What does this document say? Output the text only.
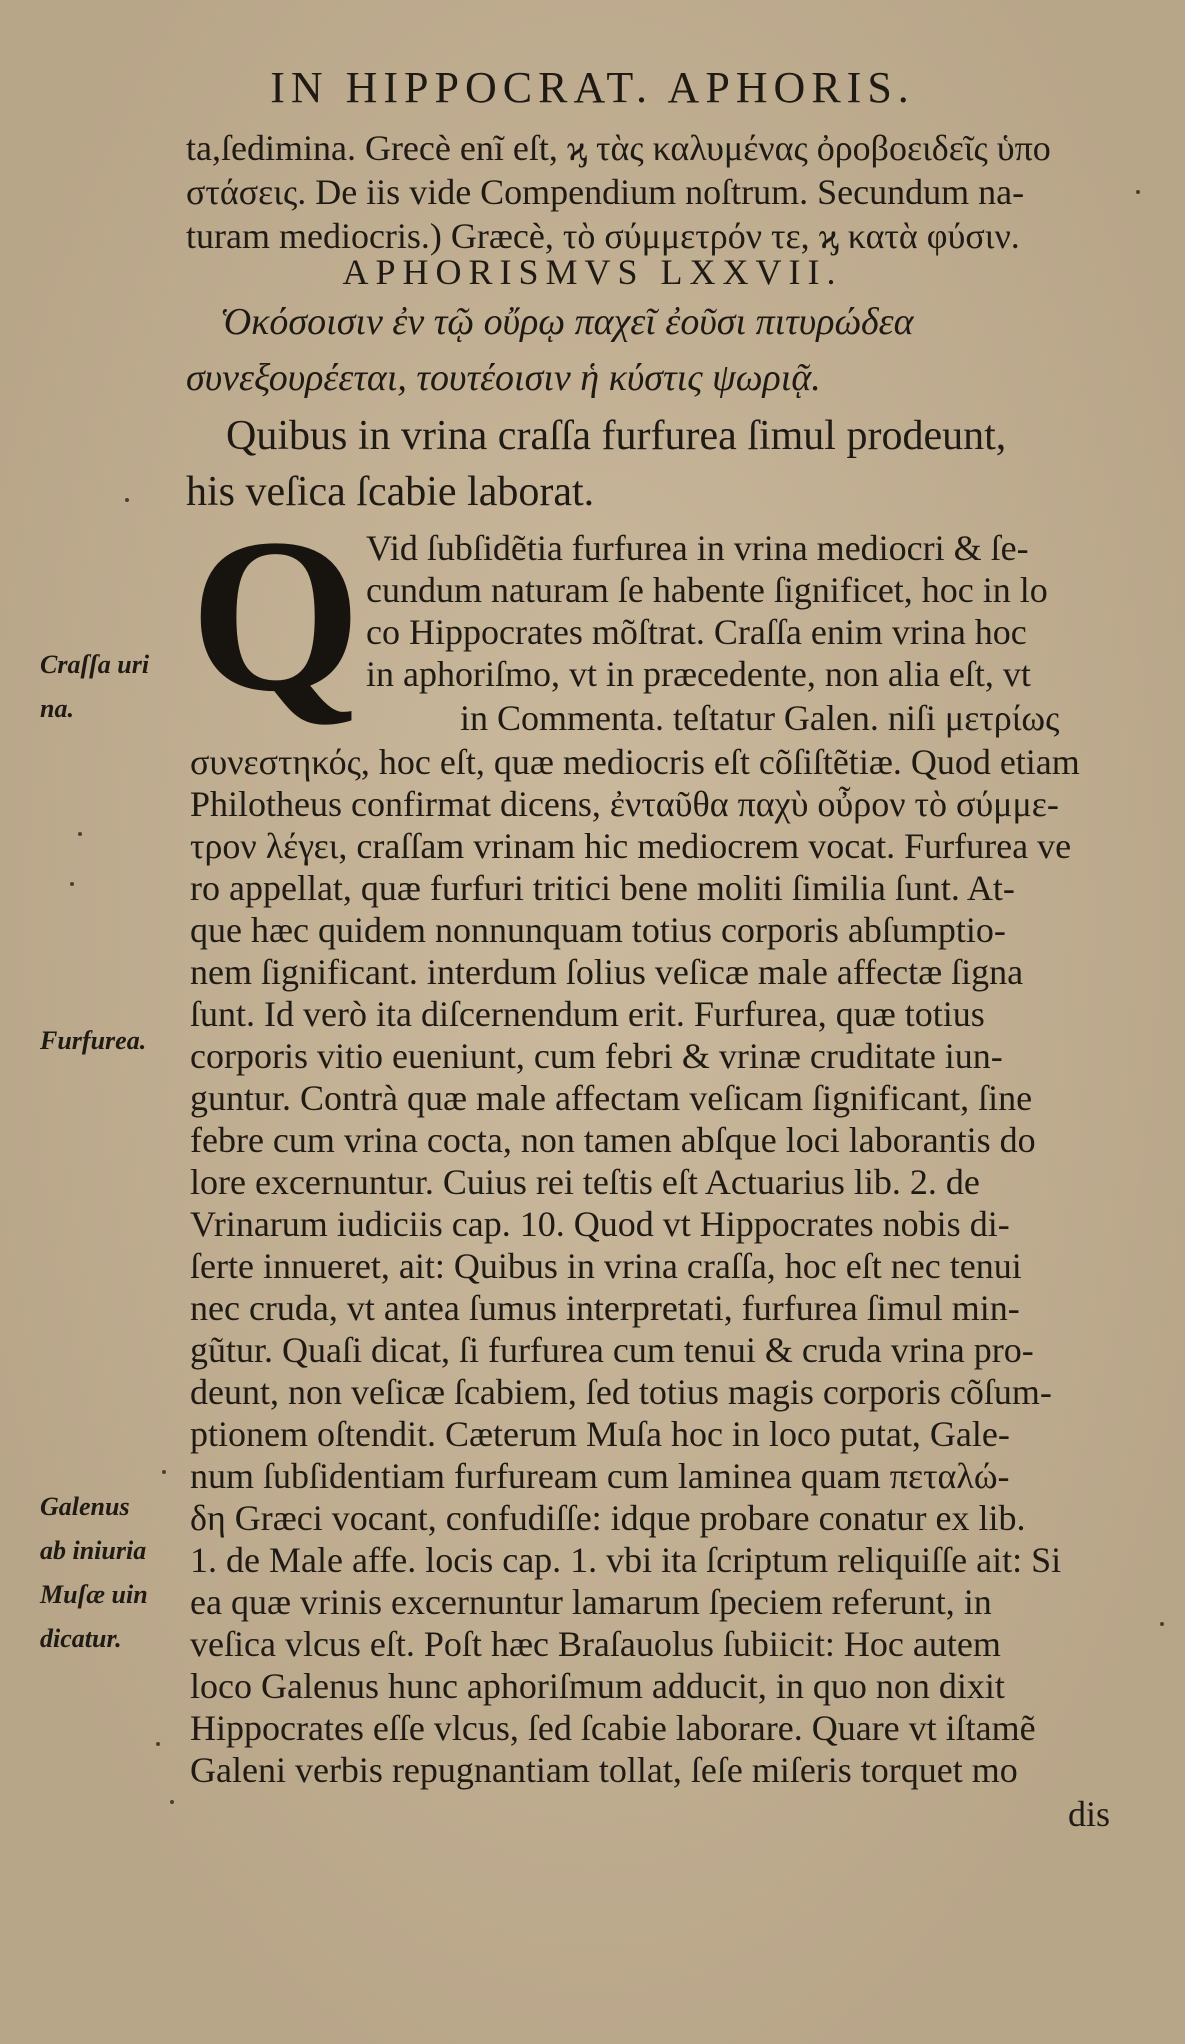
IN HIPPOCRAT. APHORIS.
ta,ſedimina. Grecè enĩ eſt, ϗ τὰς καλυμένας ὀροβοειδεῖς ὑπο
στάσεις. De iis vide Compendium noſtrum. Secundum na-
turam mediocris.) Græcè, τὸ σύμμετρόν τε, ϗ κατὰ φύσιν.
APHORISMVS LXXVII.
Ὁκόσοισιν ἐν τῷ οὔρῳ παχεῖ ἐοῦσι πιτυρώδεα
συνεξουρέεται, τουτέοισιν ἡ κύστις ψωριᾷ.
Quibus in vrina craſſa furfurea ſimul prodeunt,
his veſica ſcabie laborat.
Q Vid ſubſidẽtia furfurea in vrina mediocri & ſe-
cundum naturam ſe habente ſignificet, hoc in lo
co Hippocrates mõſtrat. Craſſa enim vrina hoc
in aphoriſmo, vt in præcedente, non alia eſt, vt
in Commenta. teſtatur Galen. niſi μετρίως
συνεστηκός, hoc eſt, quæ mediocris eſt cõſiſtẽtiæ. Quod etiam
Philotheus confirmat dicens, ἐνταῦθα παχὺ οὖρον τὸ σύμμε-
τρον λέγει, craſſam vrinam hic mediocrem vocat. Furfurea ve
ro appellat, quæ furfuri tritici bene moliti ſimilia ſunt. At-
que hæc quidem nonnunquam totius corporis abſumptio-
nem ſignificant. interdum ſolius veſicæ male affectæ ſigna
ſunt. Id verò ita diſcernendum erit. Furfurea, quæ totius
corporis vitio eueniunt, cum febri & vrinæ cruditate iun-
guntur. Contrà quæ male affectam veſicam ſignificant, ſine
febre cum vrina cocta, non tamen abſque loci laborantis do
lore excernuntur. Cuius rei teſtis eſt Actuarius lib. 2. de
Vrinarum iudiciis cap. 10. Quod vt Hippocrates nobis di-
ſerte innueret, ait: Quibus in vrina craſſa, hoc eſt nec tenui
nec cruda, vt antea ſumus interpretati, furfurea ſimul min-
gũtur. Quaſi dicat, ſi furfurea cum tenui & cruda vrina pro-
deunt, non veſicæ ſcabiem, ſed totius magis corporis cõſum-
ptionem oſtendit. Cæterum Muſa hoc in loco putat, Gale-
num ſubſidentiam furfuream cum laminea quam πεταλώ-
δη Græci vocant, confudiſſe: idque probare conatur ex lib.
1. de Male affe. locis cap. 1. vbi ita ſcriptum reliquiſſe ait: Si
ea quæ vrinis excernuntur lamarum ſpeciem referunt, in
veſica vlcus eſt. Poſt hæc Braſauolus ſubiicit: Hoc autem
loco Galenus hunc aphoriſmum adducit, in quo non dixit
Hippocrates eſſe vlcus, ſed ſcabie laborare. Quare vt iſtamẽ
Galeni verbis repugnantiam tollat, ſeſe miſeris torquet mo
dis
Craſſa uri
na.
Furfurea.
Galenus
ab iniuria
Muſæ uin
dicatur.
